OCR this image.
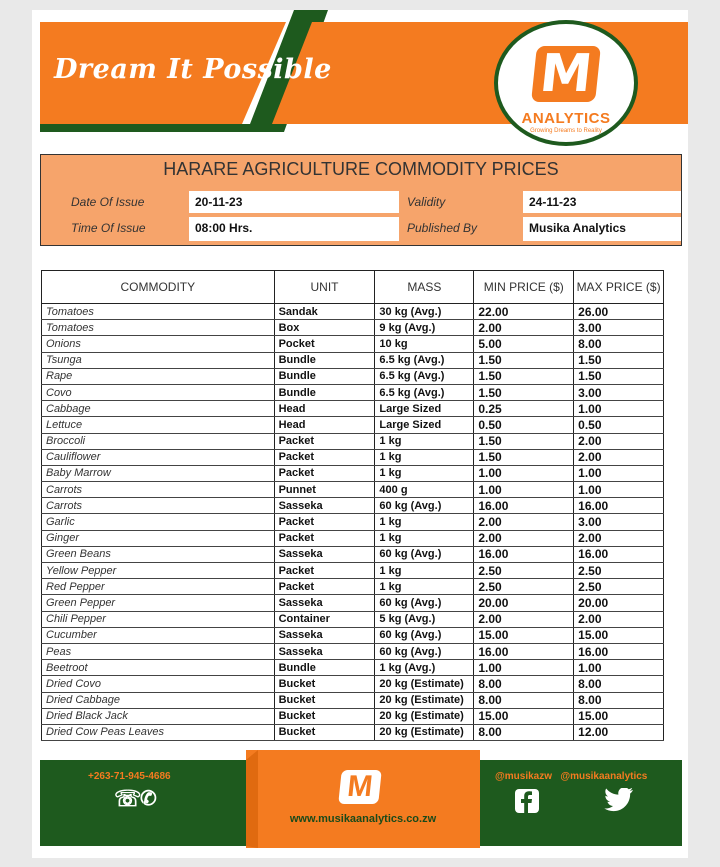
Dream It Possible	M
ANALYTICS
Growing Dreams to Reality
HARARE AGRICULTURE COMMODITY PRICES
Date Of Issue	20-11-23	Validity	24-11-23
Time Of Issue	08:00 Hrs.	Published By	Musika Analytics
COMMODITY	UNIT	MASS	MIN PRICE ($)	MAX PRICE ($)
Tomatoes	Sandak	30 kg (Avg.)	22.00	26.00
Tomatoes	Box	9 kg (Avg.)	2.00	3.00
Onions	Pocket	10 kg	5.00	8.00
Tsunga	Bundle	6.5 kg (Avg.)	1.50	1.50
Rape	Bundle	6.5 kg (Avg.)	1.50	1.50
Covo	Bundle	6.5 kg (Avg.)	1.50	3.00
Cabbage	Head	Large Sized	0.25	1.00
Lettuce	Head	Large Sized	0.50	0.50
Broccoli	Packet	1 kg	1.50	2.00
Cauliflower	Packet	1 kg	1.50	2.00
Baby Marrow	Packet	1 kg	1.00	1.00
Carrots	Punnet	400 g	1.00	1.00
Carrots	Sasseka	60 kg (Avg.)	16.00	16.00
Garlic	Packet	1 kg	2.00	3.00
Ginger	Packet	1 kg	2.00	2.00
Green Beans	Sasseka	60 kg (Avg.)	16.00	16.00
Yellow Pepper	Packet	1 kg	2.50	2.50
Red Pepper	Packet	1 kg	2.50	2.50
Green Pepper	Sasseka	60 kg (Avg.)	20.00	20.00
Chili Pepper	Container	5 kg (Avg.)	2.00	2.00
Cucumber	Sasseka	60 kg (Avg.)	15.00	15.00
Peas	Sasseka	60 kg (Avg.)	16.00	16.00
Beetroot	Bundle	1 kg (Avg.)	1.00	1.00
Dried Covo	Bucket	20 kg (Estimate)	8.00	8.00
Dried Cabbage	Bucket	20 kg (Estimate)	8.00	8.00
Dried Black Jack	Bucket	20 kg (Estimate)	15.00	15.00
Dried Cow Peas Leaves	Bucket	20 kg (Estimate)	8.00	12.00
+263-71-945-4686
☏
✆	M
www.musikaanalytics.co.zw
@musikazw @musikaanalytics
